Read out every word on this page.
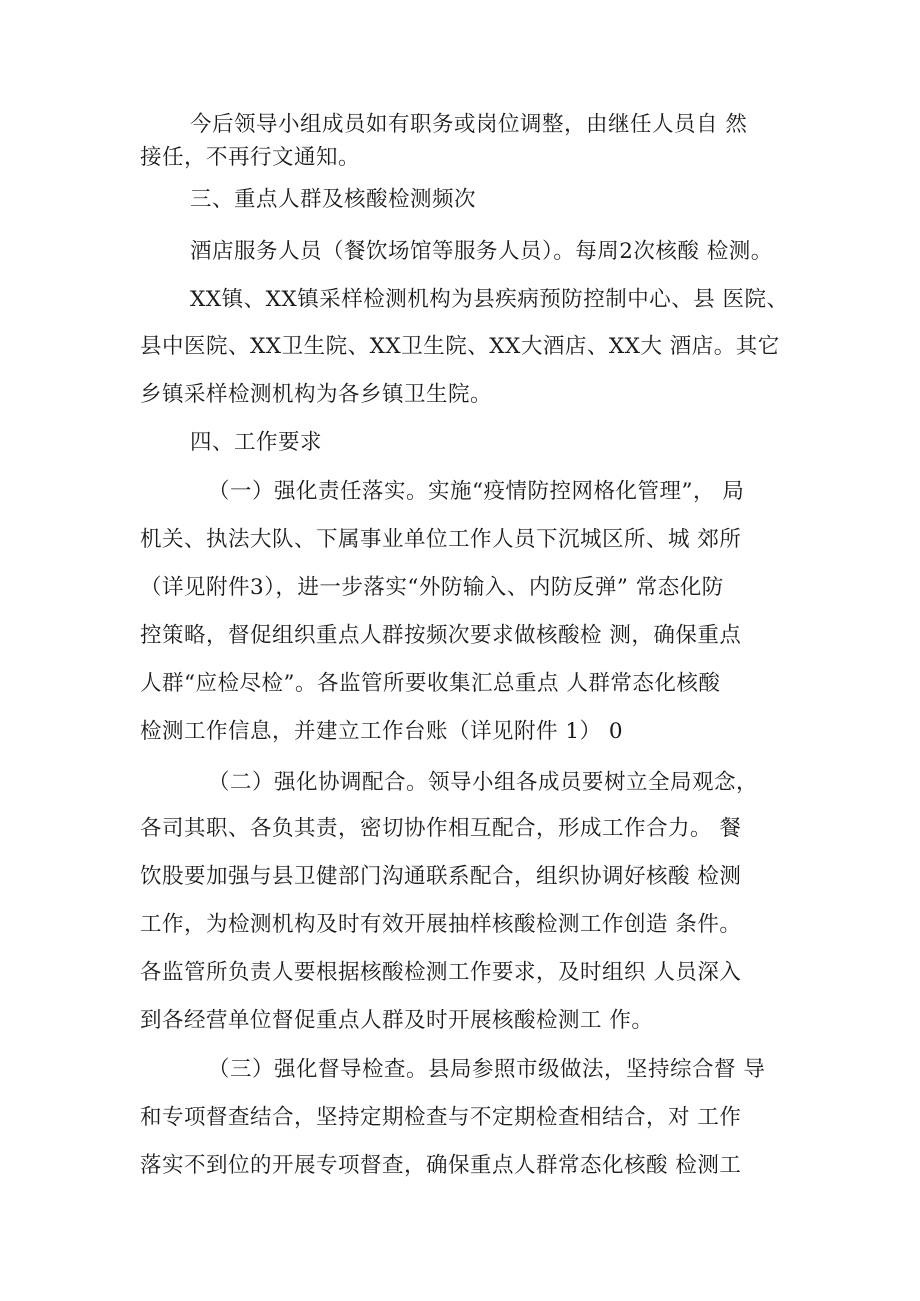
今后领导小组成员如有职务或岗位调整，由继任人员自 然
接任，不再行文通知。
三、重点人群及核酸检测频次
酒店服务人员（餐饮场馆等服务人员）。每周2次核酸 检测。
XX镇、XX镇采样检测机构为县疾病预防控制中心、县 医院、
县中医院、XX卫生院、XX卫生院、XX大酒店、XX大 酒店。其它
乡镇采样检测机构为各乡镇卫生院。
四、工作要求
（一）强化责任落实。实施“疫情防控网格化管理”， 局
机关、执法大队、下属事业单位工作人员下沉城区所、城 郊所
（详见附件3），进一步落实“外防输入、内防反弹” 常态化防
控策略，督促组织重点人群按频次要求做核酸检 测，确保重点
人群“应检尽检”。各监管所要收集汇总重点 人群常态化核酸
检测工作信息，并建立工作台账（详见附件 1） 0
（二）强化协调配合。领导小组各成员要树立全局观念，
各司其职、各负其责，密切协作相互配合，形成工作合力。 餐
饮股要加强与县卫健部门沟通联系配合，组织协调好核酸 检测
工作，为检测机构及时有效开展抽样核酸检测工作创造 条件。
各监管所负责人要根据核酸检测工作要求，及时组织 人员深入
到各经营单位督促重点人群及时开展核酸检测工 作。
（三）强化督导检查。县局参照市级做法，坚持综合督 导
和专项督查结合，坚持定期检查与不定期检查相结合，对 工作
落实不到位的开展专项督查，确保重点人群常态化核酸 检测工
